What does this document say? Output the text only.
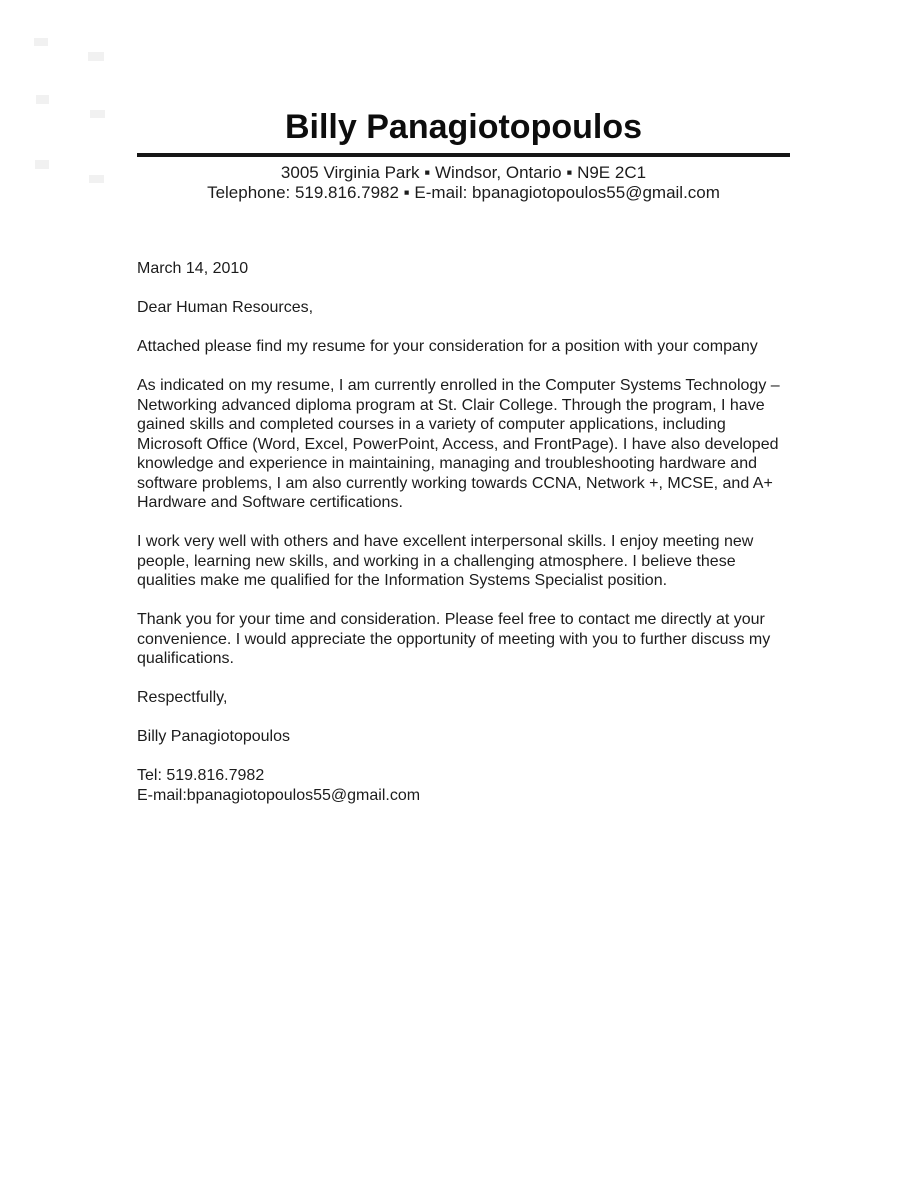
Billy Panagiotopoulos
3005 Virginia Park ▪ Windsor, Ontario ▪ N9E 2C1
Telephone: 519.816.7982 ▪ E-mail: bpanagiotopoulos55@gmail.com

March 14, 2010

Dear Human Resources,

Attached please find my resume for your consideration for a position with your company

As indicated on my resume, I am currently enrolled in the Computer Systems Technology – Networking advanced diploma program at St. Clair College. Through the program, I have gained skills and completed courses in a variety of computer applications, including Microsoft Office (Word, Excel, PowerPoint, Access, and FrontPage). I have also developed knowledge and experience in maintaining, managing and troubleshooting hardware and software problems, I am also currently working towards CCNA, Network +, MCSE, and A+ Hardware and Software certifications.

I work very well with others and have excellent interpersonal skills. I enjoy meeting new people, learning new skills, and working in a challenging atmosphere. I believe these qualities make me qualified for the Information Systems Specialist position.

Thank you for your time and consideration. Please feel free to contact me directly at your convenience. I would appreciate the opportunity of meeting with you to further discuss my qualifications.

Respectfully,

Billy Panagiotopoulos

Tel: 519.816.7982
E-mail:bpanagiotopoulos55@gmail.com
